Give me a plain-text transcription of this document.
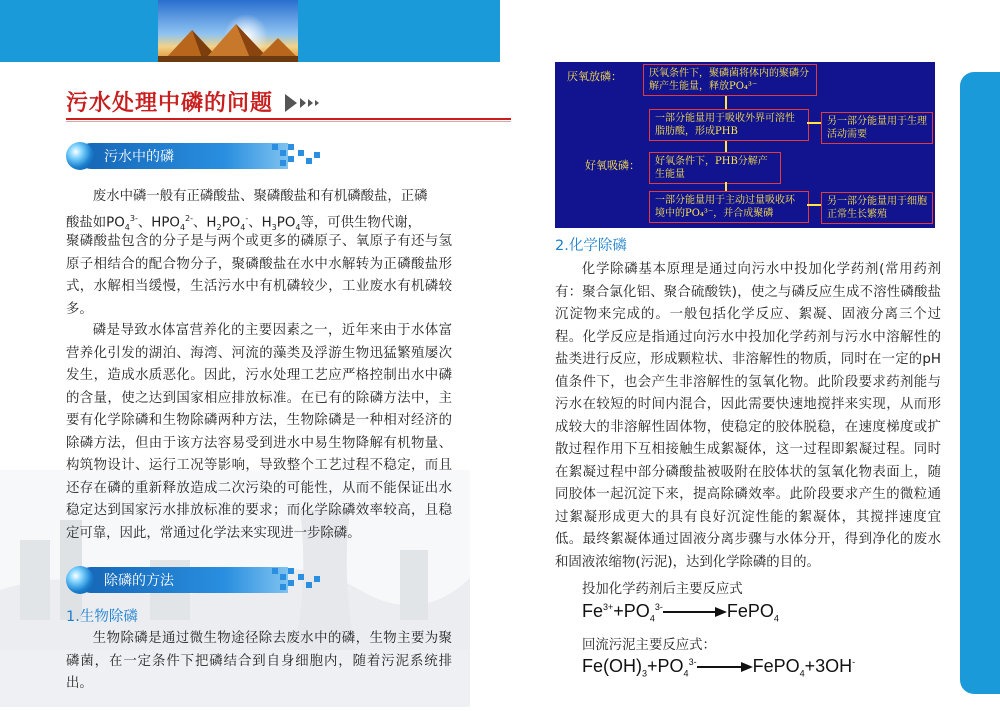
污水处理中磷的问题
污水中的磷
废水中磷一般有正磷酸盐、聚磷酸盐和有机磷酸盐，正磷
酸盐如$PO_4^{3-}$、$HPO_4^{2-}$、$H_2PO_4^-$、$H_3PO_4$等，可供生物代谢，
聚磷酸盐包含的分子是与两个或更多的磷原子、氧原子有还与氢原子相结合的配合物分子，聚磷酸盐在水中水解转为正磷酸盐形式，水解相当缓慢，生活污水中有机磷较少，工业废水有机磷较多。
磷是导致水体富营养化的主要因素之一，近年来由于水体富营养化引发的湖泊、海湾、河流的藻类及浮游生物迅猛繁殖屡次发生，造成水质恶化。因此，污水处理工艺应严格控制出水中磷的含量，使之达到国家相应排放标准。在已有的除磷方法中，主要有化学除磷和生物除磷两种方法，生物除磷是一种相对经济的除磷方法，但由于该方法容易受到进水中易生物降解有机物量、构筑物设计、运行工况等影响，导致整个工艺过程不稳定，而且还存在磷的重新释放造成二次污染的可能性，从而不能保证出水稳定达到国家污水排放标准的要求；而化学除磷效率较高，且稳定可靠，因此，常通过化学法来实现进一步除磷。
除磷的方法
1.生物除磷
生物除磷是通过微生物途径除去废水中的磷，生物主要为聚磷菌，在一定条件下把磷结合到自身细胞内，随着污泥系统排出。
厌氧放磷：	厌氧条件下，聚磷菌将体内的聚磷分解产生能量，释放PO₄³⁻
一部分能量用于吸收外界可溶性脂肪酸，形成PHB
另一部分能量用于生理活动需要
好氧吸磷：	好氧条件下，PHB分解产生能量
一部分能量用于主动过量吸收环境中的PO₄³⁻，并合成聚磷
另一部分能量用于细胞正常生长繁殖
2.化学除磷
化学除磷基本原理是通过向污水中投加化学药剂(常用药剂有：聚合氯化铝、聚合硫酸铁)，使之与磷反应生成不溶性磷酸盐沉淀物来完成的。一般包括化学反应、絮凝、固液分离三个过程。化学反应是指通过向污水中投加化学药剂与污水中溶解性的盐类进行反应，形成颗粒状、非溶解性的物质，同时在一定的pH值条件下，也会产生非溶解性的氢氧化物。此阶段要求药剂能与污水在较短的时间内混合，因此需要快速地搅拌来实现，从而形成较大的非溶解性固体物，使稳定的胶体脱稳，在速度梯度或扩散过程作用下互相接触生成絮凝体，这一过程即絮凝过程。同时在絮凝过程中部分磷酸盐被吸附在胶体状的氢氧化物表面上，随同胶体一起沉淀下来，提高除磷效率。此阶段要求产生的微粒通过絮凝形成更大的具有良好沉淀性能的絮凝体，其搅拌速度宜低。最终絮凝体通过固液分离步骤与水体分开，得到净化的废水和固液浓缩物(污泥)，达到化学除磷的目的。
投加化学药剂后主要反应式
$Fe^{3+}+PO_4^{3-}\to FePO_4$
回流污泥主要反应式：
$Fe(OH)_3+PO_4^{3-}\to FePO_4+3OH^-$
